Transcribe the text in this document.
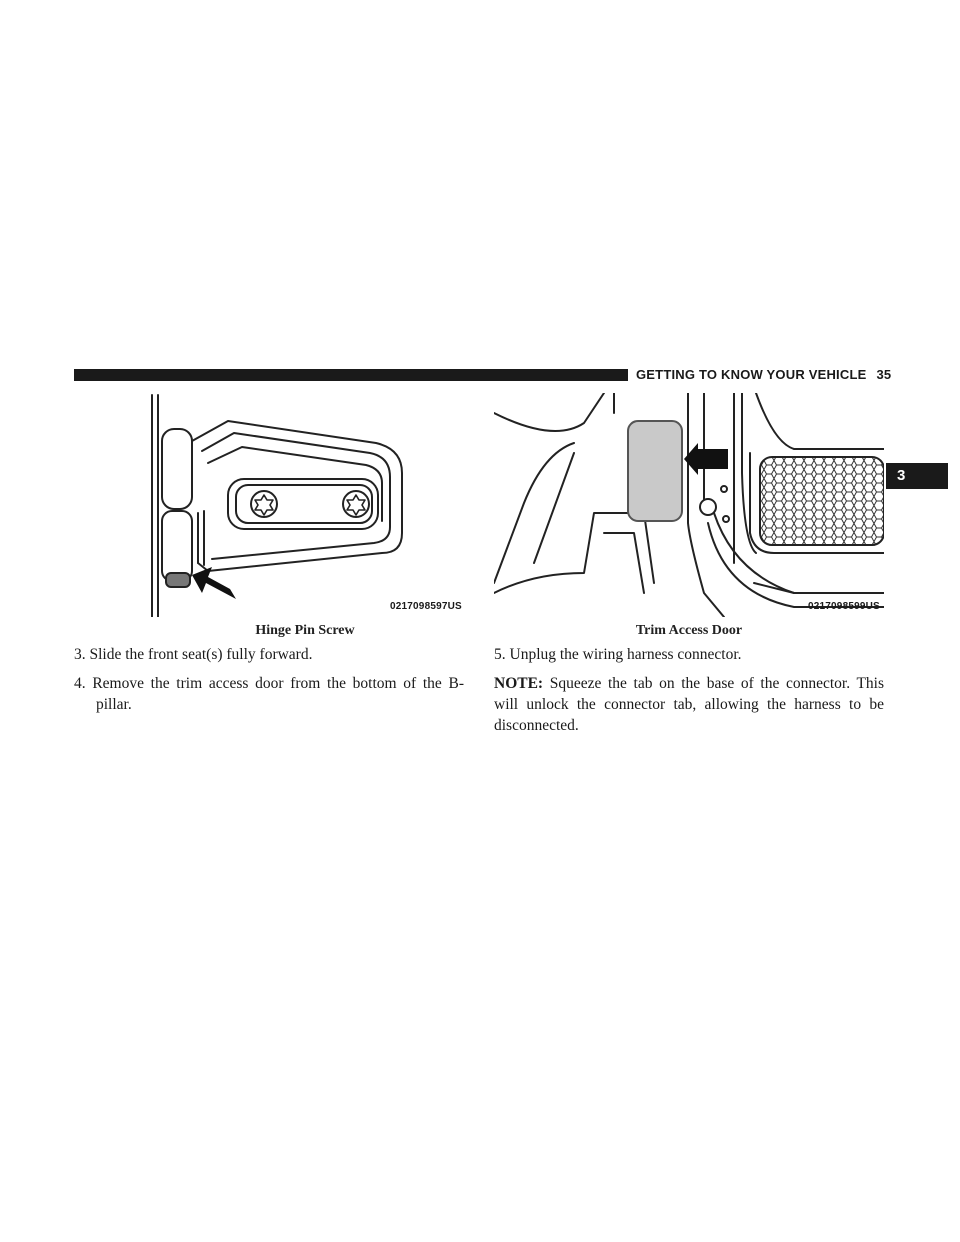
GETTING TO KNOW YOUR VEHICLE 35
3
0217098597US
Hinge Pin Screw
0217098599US
Trim Access Door

3. Slide the front seat(s) fully forward.

4. Remove the trim access door from the bottom of the B-pillar.

5. Unplug the wiring harness connector.

NOTE: Squeeze the tab on the base of the connector. This will unlock the connector tab, allowing the harness to be disconnected.
